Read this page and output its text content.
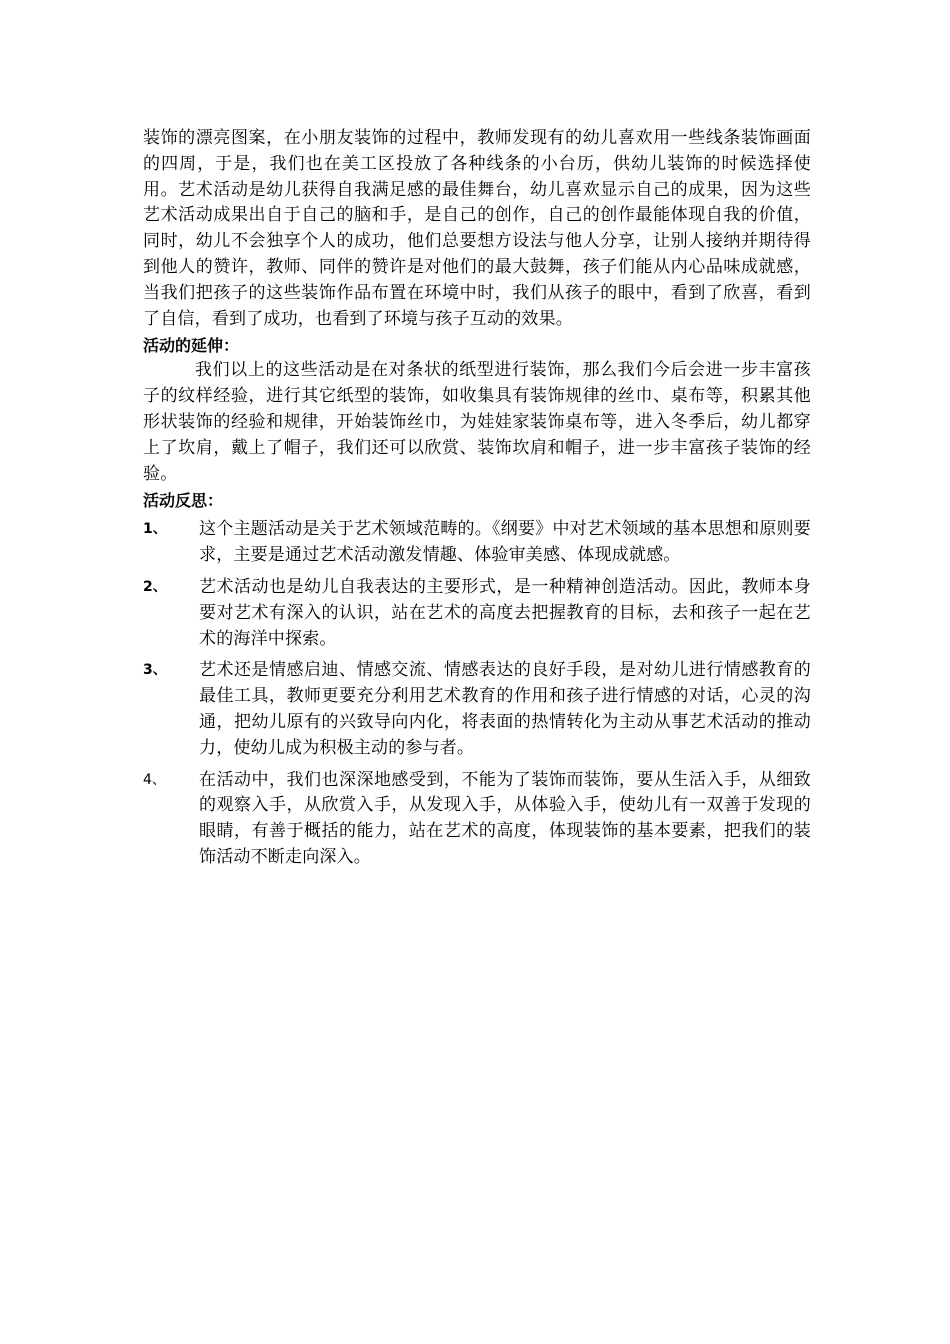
装饰的漂亮图案，在小朋友装饰的过程中，教师发现有的幼儿喜欢用一些线条装饰画面的四周，于是，我们也在美工区投放了各种线条的小台历，供幼儿装饰的时候选择使用。艺术活动是幼儿获得自我满足感的最佳舞台，幼儿喜欢显示自己的成果，因为这些艺术活动成果出自于自己的脑和手，是自己的创作，自己的创作最能体现自我的价值，同时，幼儿不会独享个人的成功，他们总要想方设法与他人分享，让别人接纳并期待得到他人的赞许，教师、同伴的赞许是对他们的最大鼓舞，孩子们能从内心品味成就感，当我们把孩子的这些装饰作品布置在环境中时，我们从孩子的眼中，看到了欣喜，看到了自信，看到了成功，也看到了环境与孩子互动的效果。

活动的延伸：

我们以上的这些活动是在对条状的纸型进行装饰，那么我们今后会进一步丰富孩子的纹样经验，进行其它纸型的装饰，如收集具有装饰规律的丝巾、桌布等，积累其他形状装饰的经验和规律，开始装饰丝巾，为娃娃家装饰桌布等，进入冬季后，幼儿都穿上了坎肩，戴上了帽子，我们还可以欣赏、装饰坎肩和帽子，进一步丰富孩子装饰的经验。

活动反思：
1、 这个主题活动是关于艺术领域范畴的。《纲要》中对艺术领域的基本思想和原则要求，主要是通过艺术活动激发情趣、体验审美感、体现成就感。
2、 艺术活动也是幼儿自我表达的主要形式，是一种精神创造活动。因此，教师本身要对艺术有深入的认识，站在艺术的高度去把握教育的目标，去和孩子一起在艺术的海洋中探索。
3、 艺术还是情感启迪、情感交流、情感表达的良好手段，是对幼儿进行情感教育的最佳工具，教师更要充分利用艺术教育的作用和孩子进行情感的对话，心灵的沟通，把幼儿原有的兴致导向内化，将表面的热情转化为主动从事艺术活动的推动力，使幼儿成为积极主动的参与者。
4、 在活动中，我们也深深地感受到，不能为了装饰而装饰，要从生活入手，从细致的观察入手，从欣赏入手，从发现入手，从体验入手，使幼儿有一双善于发现的眼睛，有善于概括的能力，站在艺术的高度，体现装饰的基本要素，把我们的装饰活动不断走向深入。
